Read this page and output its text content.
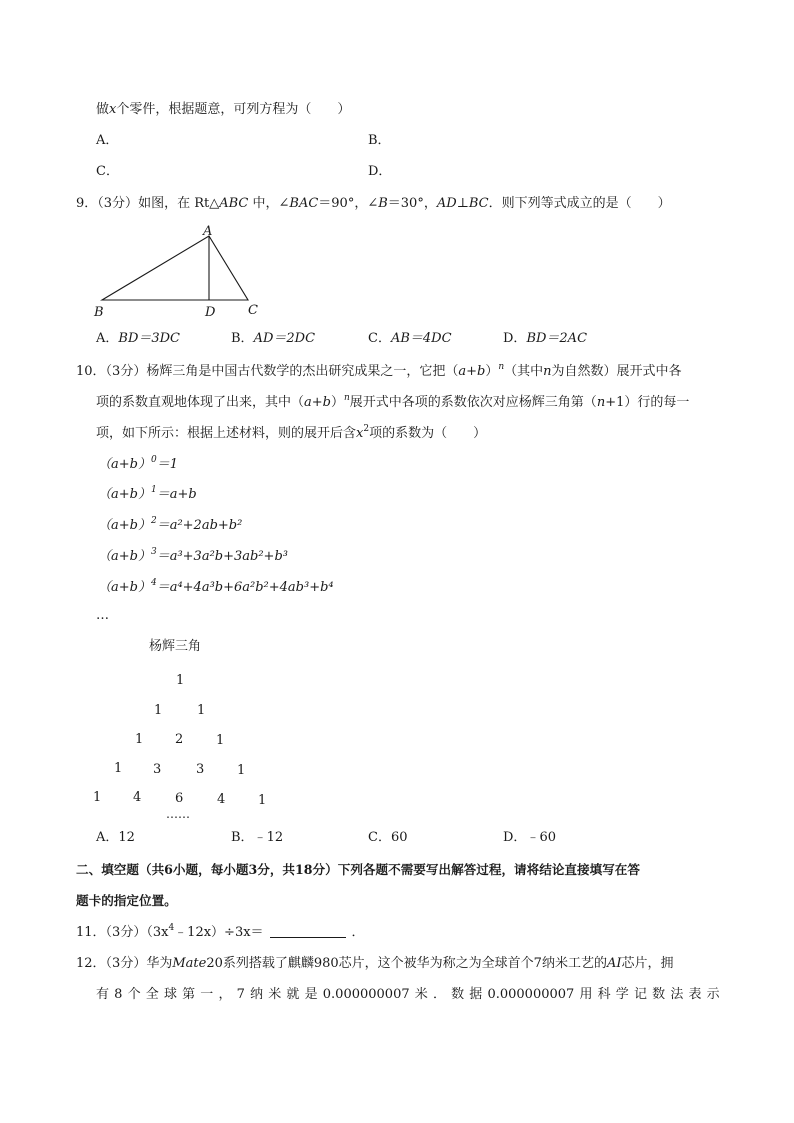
做x个零件，根据题意，可列方程为（　　）
A．	B．
C．	D．
9．（3分）如图，在 Rt△ABC 中，∠BAC＝90°，∠B＝30°，AD⊥BC．则下列等式成立的是（　　）
A
B	D	C
A．BD＝3DC	B．AD＝2DC	C．AB＝4DC	D．BD＝2AC
10．（3分）杨辉三角是中国古代数学的杰出研究成果之一，它把$(a+b)^n$（其中n为自然数）展开式中各
项的系数直观地体现了出来，其中$(a+b)^n$展开式中各项的系数依次对应杨辉三角第（n+1）行的每一
项，如下所示：根据上述材料，则的展开后含$x^2$项的系数为（　　）
$(a+b)^0=1$
$(a+b)^1=a+b$
$(a+b)^2=a^2+2ab+b^2$
$(a+b)^3=a^3+3a^2b+3ab^2+b^3$
$(a+b)^4=a^4+4a^3b+6a^2b^2+4ab^3+b^4$
…
杨辉三角
1
1	1
1 2	1
1 3	3	1
1 4	6	4	1
……
A．12	B．﹣12	C．60	D．﹣60
二、填空题（共6小题，每小题3分，共18分）下列各题不需要写出解答过程，请将结论直接填写在答
题卡的指定位置。
11．（3分）$(3x^4﹣12x)\div 3x=$	．
12．（3分）华为Mate20系列搭载了麒麟980芯片，这个被华为称之为全球首个7纳米工艺的AI芯片，拥
有 8 个 全 球 第 一 ， 7 纳 米 就 是 0.000000007 米 ． 数 据 0.000000007 用 科 学 记 数 法 表 示
